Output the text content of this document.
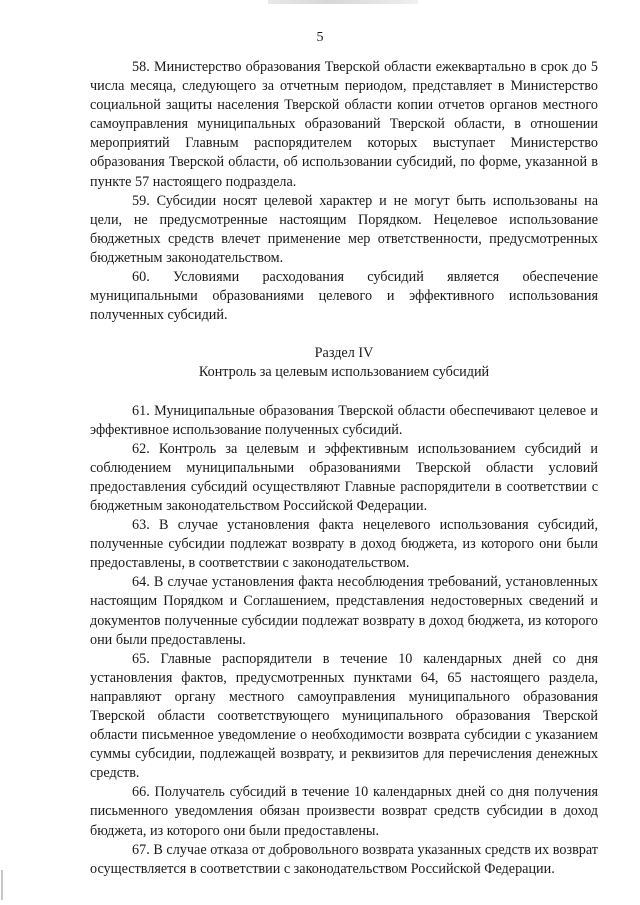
5

58. Министерство образования Тверской области ежеквартально в срок до 5 числа месяца, следующего за отчетным периодом, представляет в Министерство социальной защиты населения Тверской области копии отчетов органов местного самоуправления муниципальных образований Тверской области, в отношении мероприятий Главным распорядителем которых выступает Министерство образования Тверской области, об использовании субсидий, по форме, указанной в пункте 57 настоящего подраздела.

59. Субсидии носят целевой характер и не могут быть использованы на цели, не предусмотренные настоящим Порядком. Нецелевое использование бюджетных средств влечет применение мер ответственности, предусмотренных бюджетным законодательством.

60. Условиями расходования субсидий является обеспечение муниципальными образованиями целевого и эффективного использования полученных субсидий.

Раздел IV

Контроль за целевым использованием субсидий

61. Муниципальные образования Тверской области обеспечивают целевое и эффективное использование полученных субсидий.

62. Контроль за целевым и эффективным использованием субсидий и соблюдением муниципальными образованиями Тверской области условий предоставления субсидий осуществляют Главные распорядители в соответствии с бюджетным законодательством Российской Федерации.

63. В случае установления факта нецелевого использования субсидий, полученные субсидии подлежат возврату в доход бюджета, из которого они были предоставлены, в соответствии с законодательством.

64. В случае установления факта несоблюдения требований, установленных настоящим Порядком и Соглашением, представления недостоверных сведений и документов полученные субсидии подлежат возврату в доход бюджета, из которого они были предоставлены.

65. Главные распорядители в течение 10 календарных дней со дня установления фактов, предусмотренных пунктами 64, 65 настоящего раздела, направляют органу местного самоуправления муниципального образования Тверской области соответствующего муниципального образования Тверской области письменное уведомление о необходимости возврата субсидии с указанием суммы субсидии, подлежащей возврату, и реквизитов для перечисления денежных средств.

66. Получатель субсидий в течение 10 календарных дней со дня получения письменного уведомления обязан произвести возврат средств субсидии в доход бюджета, из которого они были предоставлены.

67. В случае отказа от добровольного возврата указанных средств их возврат осуществляется в соответствии с законодательством Российской Федерации.
